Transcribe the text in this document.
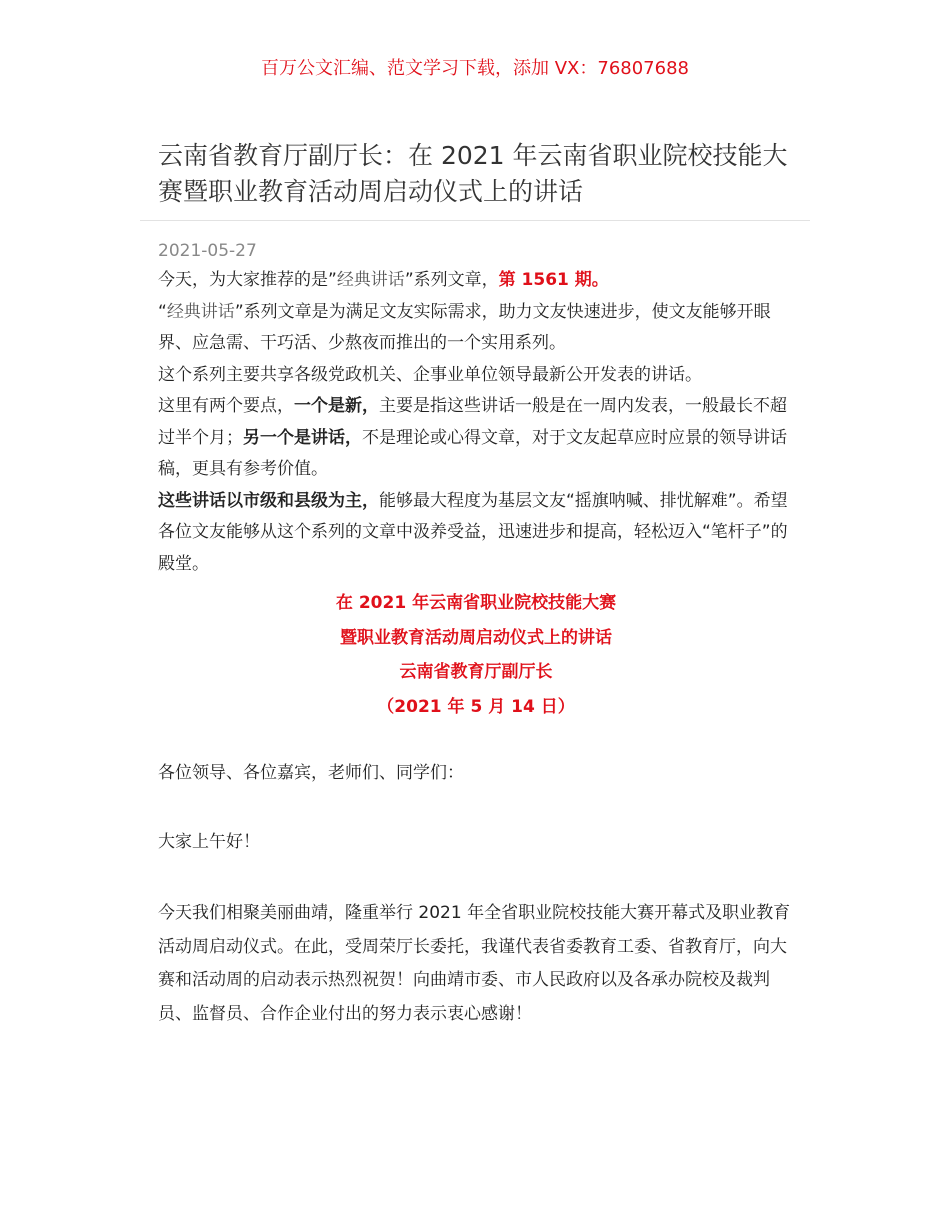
百万公文汇编、范文学习下载，添加 VX：76807688
云南省教育厅副厅长：在 2021 年云南省职业院校技能大赛暨职业教育活动周启动仪式上的讲话
2021-05-27

今天，为大家推荐的是”经典讲话”系列文章，第 1561 期。

“经典讲话”系列文章是为满足文友实际需求，助力文友快速进步，使文友能够开眼界、应急需、干巧活、少熬夜而推出的一个实用系列。

这个系列主要共享各级党政机关、企事业单位领导最新公开发表的讲话。

这里有两个要点，一个是新，主要是指这些讲话一般是在一周内发表，一般最长不超过半个月；另一个是讲话，不是理论或心得文章，对于文友起草应时应景的领导讲话稿，更具有参考价值。

这些讲话以市级和县级为主，能够最大程度为基层文友“摇旗呐喊、排忧解难”。希望各位文友能够从这个系列的文章中汲养受益，迅速进步和提高，轻松迈入“笔杆子”的殿堂。

在 2021 年云南省职业院校技能大赛
暨职业教育活动周启动仪式上的讲话
云南省教育厅副厅长
（2021 年 5 月 14 日）

各位领导、各位嘉宾，老师们、同学们：

大家上午好！

今天我们相聚美丽曲靖，隆重举行 2021 年全省职业院校技能大赛开幕式及职业教育活动周启动仪式。在此，受周荣厅长委托，我谨代表省委教育工委、省教育厅，向大赛和活动周的启动表示热烈祝贺！向曲靖市委、市人民政府以及各承办院校及裁判员、监督员、合作企业付出的努力表示衷心感谢！
